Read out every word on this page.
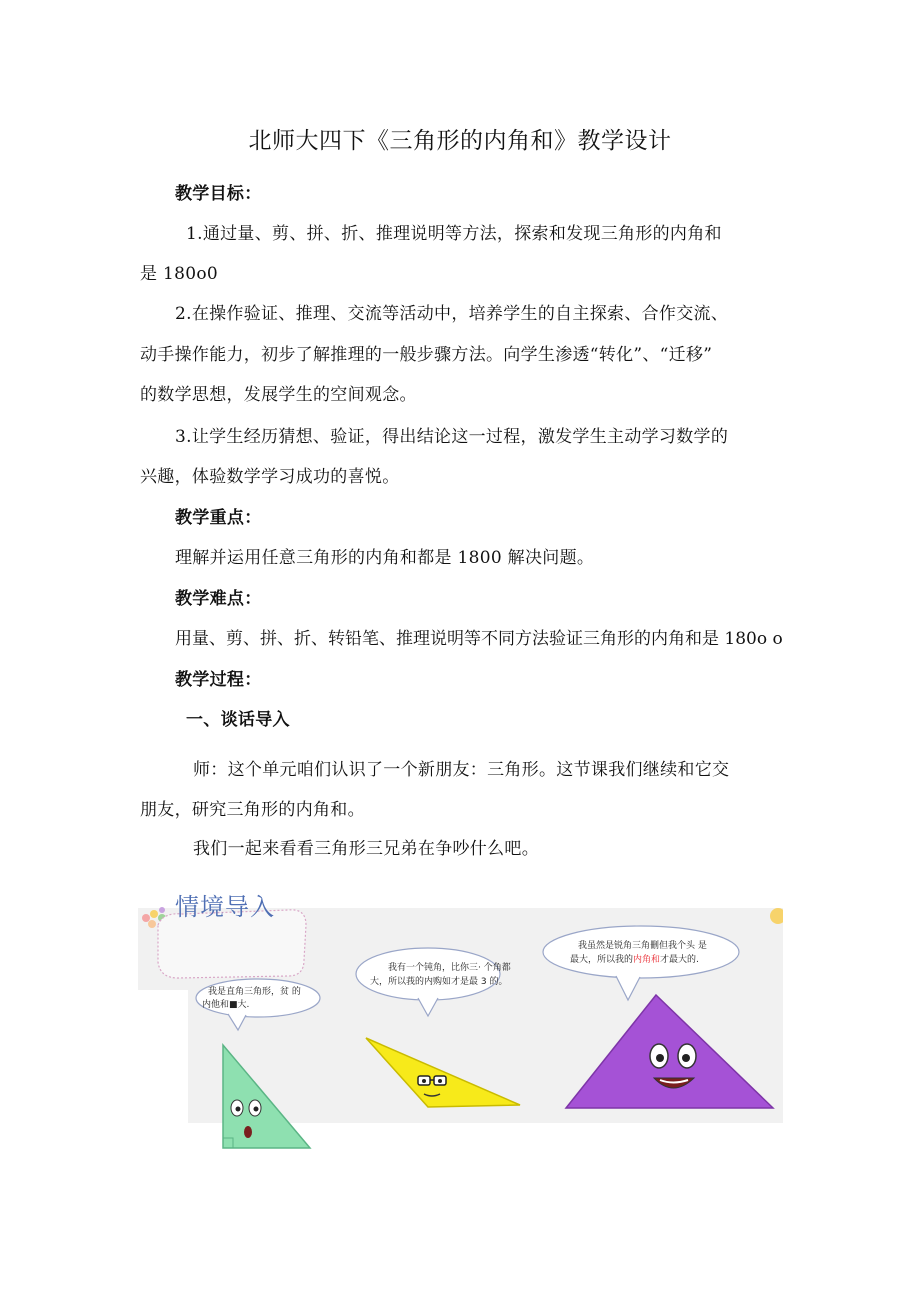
北师大四下《三角形的内角和》教学设计
教学目标：
1.通过量、剪、拼、折、推理说明等方法，探索和发现三角形的内角和
是 180o0
2.在操作验证、推理、交流等活动中，培养学生的自主探索、合作交流、
动手操作能力，初步了解推理的一般步骤方法。向学生渗透“转化”、“迁移”
的数学思想，发展学生的空间观念。
3.让学生经历猜想、验证，得出结论这一过程，激发学生主动学习数学的
兴趣，体验数学学习成功的喜悦。
教学重点：
理解并运用任意三角形的内角和都是 1800 解决问题。
教学难点：
用量、剪、拼、折、转铅笔、推理说明等不同方法验证三角形的内角和是 180o o
教学过程：
一、谈话导入
师：这个单元咱们认识了一个新朋友：三角形。这节课我们继续和它交
朋友，研究三角形的内角和。
我们一起来看看三角形三兄弟在争吵什么吧。
我是直角三角形，贫 的
内他和■大.
我有一个钝角，比你三· 个角都
大，所以莪的内购如才是最 3 的。
我虽然是锐角三角刪但我个头 是
最大，所以我的内角和才最大的.
情境导入
